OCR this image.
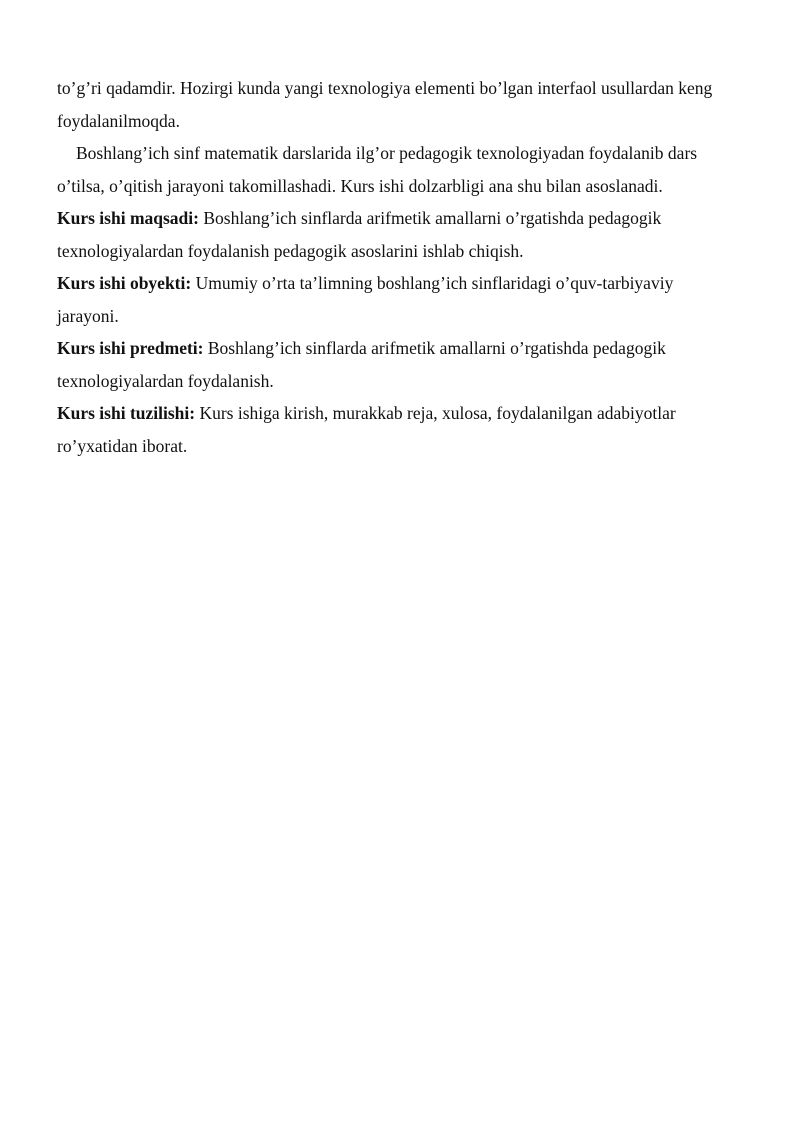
to’g’ri qadamdir. Hozirgi kunda yangi texnologiya elementi bo’lgan interfaol usullardan keng foydalanilmoqda.

Boshlang’ich sinf matematik darslarida ilg’or pedagogik texnologiyadan foydalanib dars o’tilsa, o’qitish jarayoni takomillashadi. Kurs ishi dolzarbligi ana shu bilan asoslanadi.

Kurs ishi maqsadi: Boshlang’ich sinflarda arifmetik amallarni o’rgatishda pedagogik texnologiyalardan foydalanish pedagogik asoslarini ishlab chiqish.

Kurs ishi obyekti: Umumiy o’rta ta’limning boshlang’ich sinflaridagi o’quv-tarbiyaviy jarayoni.

Kurs ishi predmeti: Boshlang’ich sinflarda arifmetik amallarni o’rgatishda pedagogik texnologiyalardan foydalanish.

Kurs ishi tuzilishi: Kurs ishiga kirish, murakkab reja, xulosa, foydalanilgan adabiyotlar ro’yxatidan iborat.
